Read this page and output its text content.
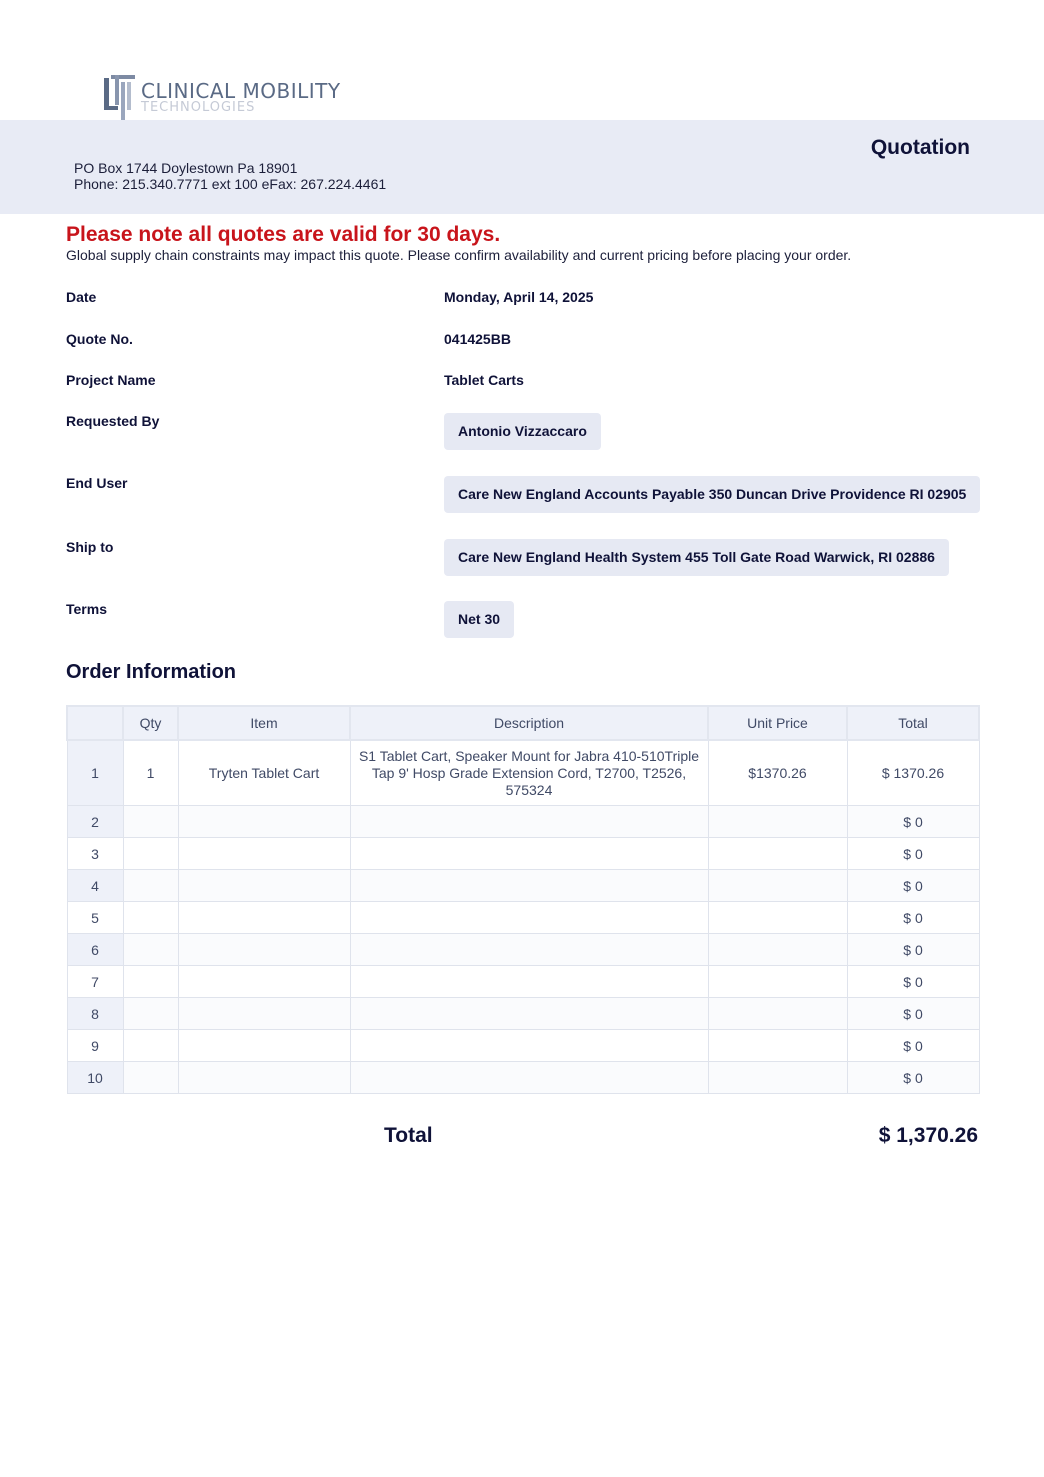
CLINICAL MOBILITY
TECHNOLOGIES
PO Box 1744 Doylestown Pa 18901
Phone: 215.340.7771 ext 100 eFax: 267.224.4461
Quotation
Please note all quotes are valid for 30 days.
Global supply chain constraints may impact this quote. Please confirm availability and current pricing before placing your order.
Date	Monday, April 14, 2025
Quote No.	041425BB
Project Name	Tablet Carts
Requested By
Antonio Vizzaccaro
End User
Care New England Accounts Payable 350 Duncan Drive Providence RI 02905
Ship to
Care New England Health System 455 Toll Gate Road Warwick, RI 02886
Terms
Net 30
Order Information
	Qty	Item	Description	Unit Price	Total
1	1	Tryten Tablet Cart	S1 Tablet Cart, Speaker Mount for Jabra 410-510Triple Tap 9' Hosp Grade Extension Cord, T2700, T2526, 575324	$1370.26	$ 1370.26
2					$ 0
3					$ 0
4					$ 0
5					$ 0
6					$ 0
7					$ 0
8					$ 0
9					$ 0
10					$ 0
Total	$ 1,370.26
